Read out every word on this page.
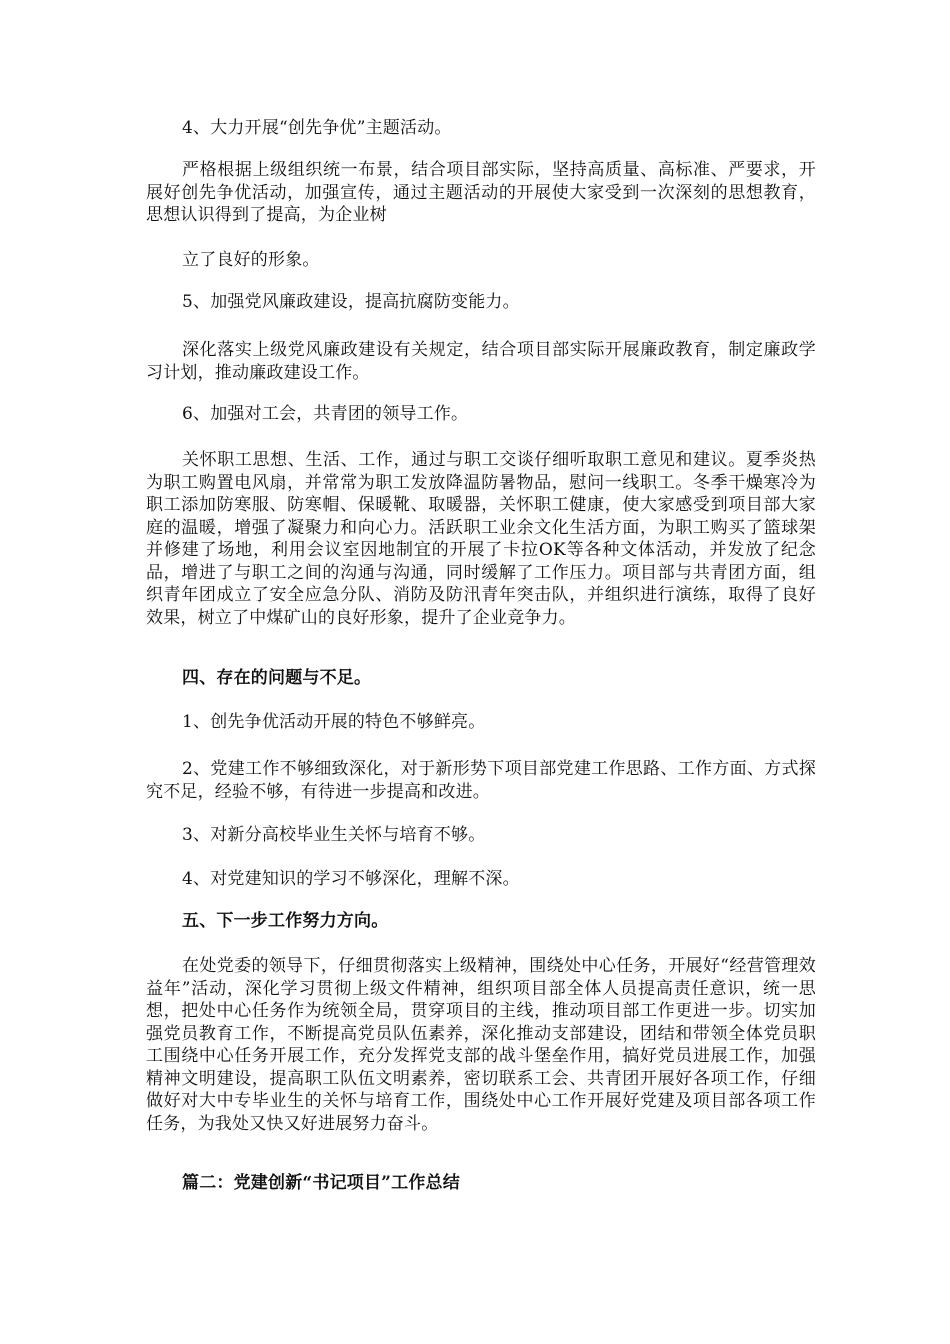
4、大力开展“创先争优”主题活动。
严格根据上级组织统一布景，结合项目部实际，坚持高质量、高标准、严要求，开展好创先争优活动，加强宣传，通过主题活动的开展使大家受到一次深刻的思想教育，思想认识得到了提高，为企业树
立了良好的形象。
5、加强党风廉政建设，提高抗腐防变能力。
深化落实上级党风廉政建设有关规定，结合项目部实际开展廉政教育，制定廉政学习计划，推动廉政建设工作。
6、加强对工会，共青团的领导工作。
关怀职工思想、生活、工作，通过与职工交谈仔细听取职工意见和建议。夏季炎热为职工购置电风扇，并常常为职工发放降温防暑物品，慰问一线职工。冬季干燥寒冷为职工添加防寒服、防寒帽、保暖靴、取暖器，关怀职工健康，使大家感受到项目部大家庭的温暖，增强了凝聚力和向心力。活跃职工业余文化生活方面，为职工购买了篮球架并修建了场地，利用会议室因地制宜的开展了卡拉OK等各种文体活动，并发放了纪念品，增进了与职工之间的沟通与沟通，同时缓解了工作压力。项目部与共青团方面，组织青年团成立了安全应急分队、消防及防汛青年突击队，并组织进行演练，取得了良好效果，树立了中煤矿山的良好形象，提升了企业竞争力。
四、存在的问题与不足。
1、创先争优活动开展的特色不够鲜亮。
2、党建工作不够细致深化，对于新形势下项目部党建工作思路、工作方面、方式探究不足，经验不够，有待进一步提高和改进。
3、对新分高校毕业生关怀与培育不够。
4、对党建知识的学习不够深化，理解不深。
五、下一步工作努力方向。
在处党委的领导下，仔细贯彻落实上级精神，围绕处中心任务，开展好“经营管理效益年”活动，深化学习贯彻上级文件精神，组织项目部全体人员提高责任意识，统一思想，把处中心任务作为统领全局，贯穿项目的主线，推动项目部工作更进一步。切实加强党员教育工作，不断提高党员队伍素养，深化推动支部建设，团结和带领全体党员职工围绕中心任务开展工作，充分发挥党支部的战斗堡垒作用，搞好党员进展工作，加强精神文明建设，提高职工队伍文明素养，密切联系工会、共青团开展好各项工作，仔细做好对大中专毕业生的关怀与培育工作，围绕处中心工作开展好党建及项目部各项工作任务，为我处又快又好进展努力奋斗。
篇二：党建创新“书记项目”工作总结
